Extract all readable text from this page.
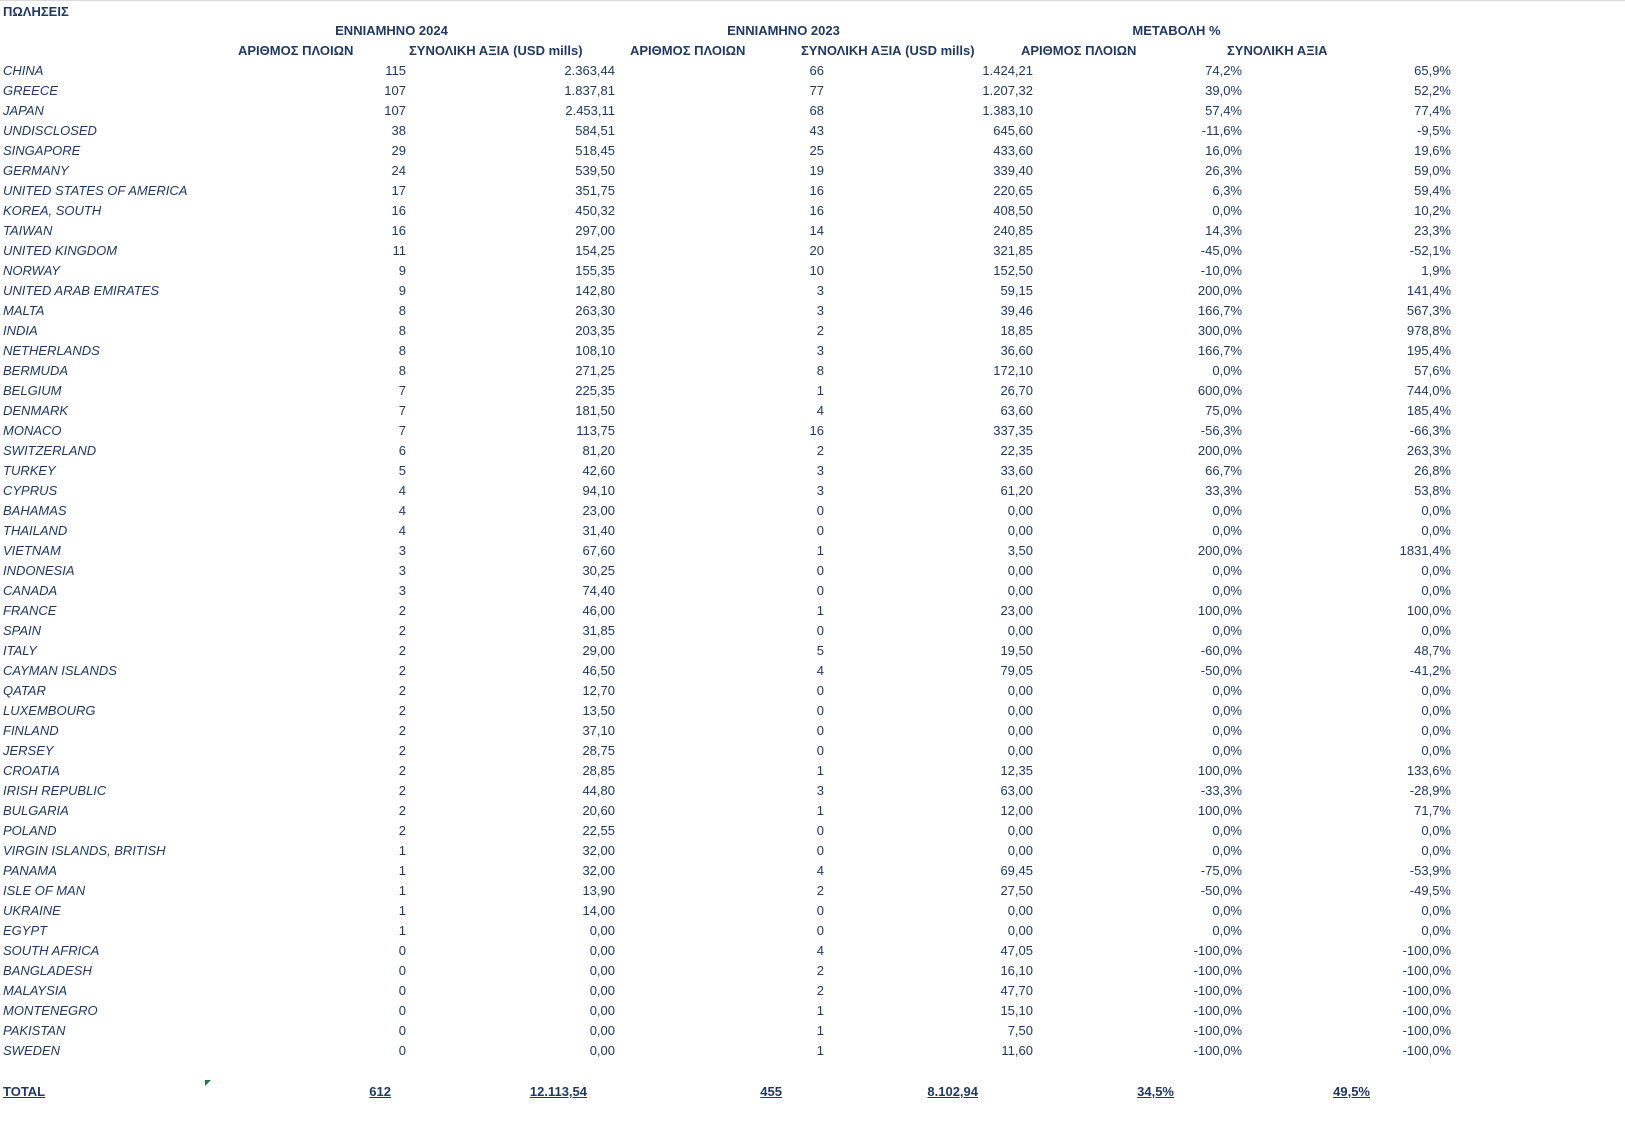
ΠΩΛΗΣΕΙΣ
ΕΝΝΙΑΜΗΝΟ 2024	ΕΝΝΙΑΜΗΝΟ 2023	ΜΕΤΑΒΟΛΗ %
ΑΡΙΘΜΟΣ ΠΛΟΙΩΝ	ΣΥΝΟΛΙΚΗ ΑΞΙΑ (USD mills)	ΑΡΙΘΜΟΣ ΠΛΟΙΩΝ	ΣΥΝΟΛΙΚΗ ΑΞΙΑ (USD mills)	ΑΡΙΘΜΟΣ ΠΛΟΙΩΝ	ΣΥΝΟΛΙΚΗ ΑΞΙΑ
CHINA	115	2.363,44	66	1.424,21	74,2%	65,9%
GREECE	107	1.837,81	77	1.207,32	39,0%	52,2%
JAPAN	107	2.453,11	68	1.383,10	57,4%	77,4%
UNDISCLOSED	38	584,51	43	645,60	-11,6%	-9,5%
SINGAPORE	29	518,45	25	433,60	16,0%	19,6%
GERMANY	24	539,50	19	339,40	26,3%	59,0%
UNITED STATES OF AMERICA	17	351,75	16	220,65	6,3%	59,4%
KOREA, SOUTH	16	450,32	16	408,50	0,0%	10,2%
TAIWAN	16	297,00	14	240,85	14,3%	23,3%
UNITED KINGDOM	11	154,25	20	321,85	-45,0%	-52,1%
NORWAY	9	155,35	10	152,50	-10,0%	1,9%
UNITED ARAB EMIRATES	9	142,80	3	59,15	200,0%	141,4%
MALTA	8	263,30	3	39,46	166,7%	567,3%
INDIA	8	203,35	2	18,85	300,0%	978,8%
NETHERLANDS	8	108,10	3	36,60	166,7%	195,4%
BERMUDA	8	271,25	8	172,10	0,0%	57,6%
BELGIUM	7	225,35	1	26,70	600,0%	744,0%
DENMARK	7	181,50	4	63,60	75,0%	185,4%
MONACO	7	113,75	16	337,35	-56,3%	-66,3%
SWITZERLAND	6	81,20	2	22,35	200,0%	263,3%
TURKEY	5	42,60	3	33,60	66,7%	26,8%
CYPRUS	4	94,10	3	61,20	33,3%	53,8%
BAHAMAS	4	23,00	0	0,00	0,0%	0,0%
THAILAND	4	31,40	0	0,00	0,0%	0,0%
VIETNAM	3	67,60	1	3,50	200,0%	1831,4%
INDONESIA	3	30,25	0	0,00	0,0%	0,0%
CANADA	3	74,40	0	0,00	0,0%	0,0%
FRANCE	2	46,00	1	23,00	100,0%	100,0%
SPAIN	2	31,85	0	0,00	0,0%	0,0%
ITALY	2	29,00	5	19,50	-60,0%	48,7%
CAYMAN ISLANDS	2	46,50	4	79,05	-50,0%	-41,2%
QATAR	2	12,70	0	0,00	0,0%	0,0%
LUXEMBOURG	2	13,50	0	0,00	0,0%	0,0%
FINLAND	2	37,10	0	0,00	0,0%	0,0%
JERSEY	2	28,75	0	0,00	0,0%	0,0%
CROATIA	2	28,85	1	12,35	100,0%	133,6%
IRISH REPUBLIC	2	44,80	3	63,00	-33,3%	-28,9%
BULGARIA	2	20,60	1	12,00	100,0%	71,7%
POLAND	2	22,55	0	0,00	0,0%	0,0%
VIRGIN ISLANDS, BRITISH	1	32,00	0	0,00	0,0%	0,0%
PANAMA	1	32,00	4	69,45	-75,0%	-53,9%
ISLE OF MAN	1	13,90	2	27,50	-50,0%	-49,5%
UKRAINE	1	14,00	0	0,00	0,0%	0,0%
EGYPT	1	0,00	0	0,00	0,0%	0,0%
SOUTH AFRICA	0	0,00	4	47,05	-100,0%	-100,0%
BANGLADESH	0	0,00	2	16,10	-100,0%	-100,0%
MALAYSIA	0	0,00	2	47,70	-100,0%	-100,0%
MONTENEGRO	0	0,00	1	15,10	-100,0%	-100,0%
PAKISTAN	0	0,00	1	7,50	-100,0%	-100,0%
SWEDEN	0	0,00	1	11,60	-100,0%	-100,0%
TOTAL	612	12.113,54	455	8.102,94	34,5%	49,5%
